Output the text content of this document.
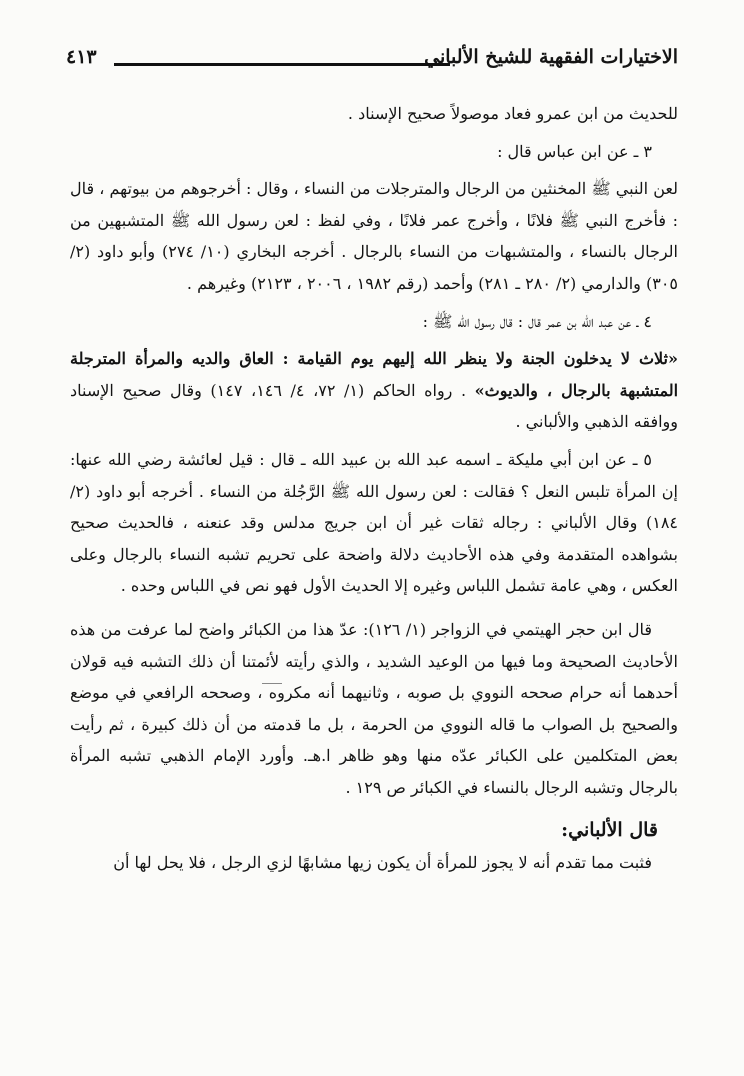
الاختيارات الفقهية للشيخ الألباني
٤١٣

للحديث من ابن عمرو فعاد موصولاً صحيح الإسناد .

٣ ـ عن ابن عباس قال :

لعن النبي ﷺ المخنثين من الرجال والمترجلات من النساء ، وقال : أخرجوهم من بيوتهم ، قال : فأخرج النبي ﷺ فلانًا ، وأخرج عمر فلانًا ، وفي لفظ : لعن رسول الله ﷺ المتشبهين من الرجال بالنساء ، والمتشبهات من النساء بالرجال . أخرجه البخاري (١٠/ ٢٧٤) وأبو داود (٢/ ٣٠٥) والدارمي (٢/ ٢٨٠ ـ ٢٨١) وأحمد (رقم ١٩٨٢ ، ٢٠٠٦ ، ٢١٢٣) وغيرهم .

٤ ـ عن عبد الله بن عمر قال : قال رسول الله ﷺ :

«ثلاث لا يدخلون الجنة ولا ينظر الله إليهم يوم القيامة : العاق والديه والمرأة المترجلة المتشبهة بالرجال ، والديوث» . رواه الحاكم (١/ ٧٢، ٤/ ١٤٦، ١٤٧) وقال صحيح الإسناد ووافقه الذهبي والألباني .

٥ ـ عن ابن أبي مليكة ـ اسمه عبد الله بن عبيد الله ـ قال : قيل لعائشة رضي الله عنها: إن المرأة تلبس النعل ؟ فقالت : لعن رسول الله ﷺ الرَّجُلة من النساء . أخرجه أبو داود (٢/ ١٨٤) وقال الألباني : رجاله ثقات غير أن ابن جريج مدلس وقد عنعنه ، فالحديث صحيح بشواهده المتقدمة وفي هذه الأحاديث دلالة واضحة على تحريم تشبه النساء بالرجال وعلى العكس ، وهي عامة تشمل اللباس وغيره إلا الحديث الأول فهو نص في اللباس وحده .

قال ابن حجر الهيتمي في الزواجر (١/ ١٢٦): عدّ هذا من الكبائر واضح لما عرفت من هذه الأحاديث الصحيحة وما فيها من الوعيد الشديد ، والذي رأيته لأئمتنا أن ذلك التشبه فيه قولان أحدهما أنه حرام صححه النووي بل صوبه ، وثانيهما أنه مكروه ، وصححه الرافعي في موضع والصحيح بل الصواب ما قاله النووي من الحرمة ، بل ما قدمته من أن ذلك كبيرة ، ثم رأيت بعض المتكلمين على الكبائر عدّه منها وهو ظاهر ا.هـ. وأورد الإمام الذهبي تشبه المرأة بالرجال وتشبه الرجال بالنساء في الكبائر ص ١٢٩ .

قال الألباني:

فثبت مما تقدم أنه لا يجوز للمرأة أن يكون زيها مشابهًا لزي الرجل ، فلا يحل لها أن
